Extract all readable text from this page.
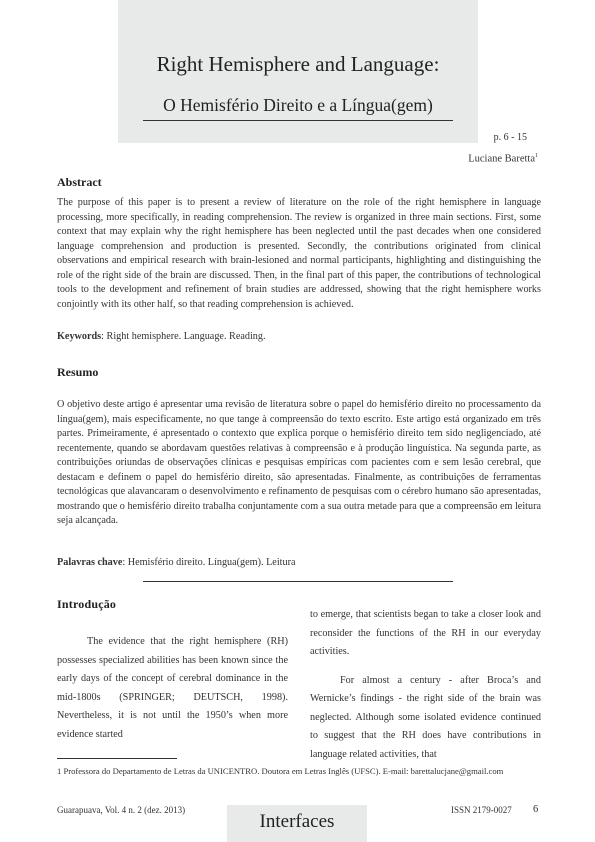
Right Hemisphere and Language:
O Hemisfério Direito e a Língua(gem)
p. 6 - 15
Luciane Baretta$^1$
Abstract

The purpose of this paper is to present a review of literature on the role of the right hemisphere in language processing, more specifically, in reading comprehension. The review is organized in three main sections. First, some context that may explain why the right hemisphere has been neglected until the past decades when one considered language comprehension and production is presented. Secondly, the contributions originated from clinical observations and empirical research with brain-lesioned and normal participants, highlighting and distinguishing the role of the right side of the brain are discussed. Then, in the final part of this paper, the contributions of technological tools to the development and refinement of brain studies are addressed, showing that the right hemisphere works conjointly with its other half, so that reading comprehension is achieved.

Keywords: Right hemisphere. Language. Reading.
Resumo

O objetivo deste artigo é apresentar uma revisão de literatura sobre o papel do hemisfério direito no processamento da língua(gem), mais especificamente, no que tange à compreensão do texto escrito. Este artigo está organizado em três partes. Primeiramente, é apresentado o contexto que explica porque o hemisfério direito tem sido negligenciado, até recentemente, quando se abordavam questões relativas à compreensão e à produção linguística. Na segunda parte, as contribuições oriundas de observações clínicas e pesquisas empíricas com pacientes com e sem lesão cerebral, que destacam e definem o papel do hemisfério direito, são apresentadas. Finalmente, as contribuições de ferramentas tecnológicas que alavancaram o desenvolvimento e refinamento de pesquisas com o cérebro humano são apresentadas, mostrando que o hemisfério direito trabalha conjuntamente com a sua outra metade para que a compreensão em leitura seja alcançada.

Palavras chave: Hemisfério direito. Língua(gem). Leitura
Introdução

The evidence that the right hemisphere (RH) possesses specialized abilities has been known since the early days of the concept of cerebral dominance in the mid-1800s (SPRINGER; DEUTSCH, 1998). Nevertheless, it is not until the 1950’s when more evidence started

to emerge, that scientists began to take a closer look and reconsider the functions of the RH in our everyday activities.

For almost a century - after Broca’s and Wernicke’s findings - the right side of the brain was neglected. Although some isolated evidence continued to suggest that the RH does have contributions in language related activities, that

1 Professora do Departamento de Letras da UNICENTRO. Doutora em Letras Inglês (UFSC). E-mail: barettalucjane@gmail.com
Guarapuava, Vol. 4 n. 2 (dez. 2013)
Interfaces
ISSN 2179-0027 6
